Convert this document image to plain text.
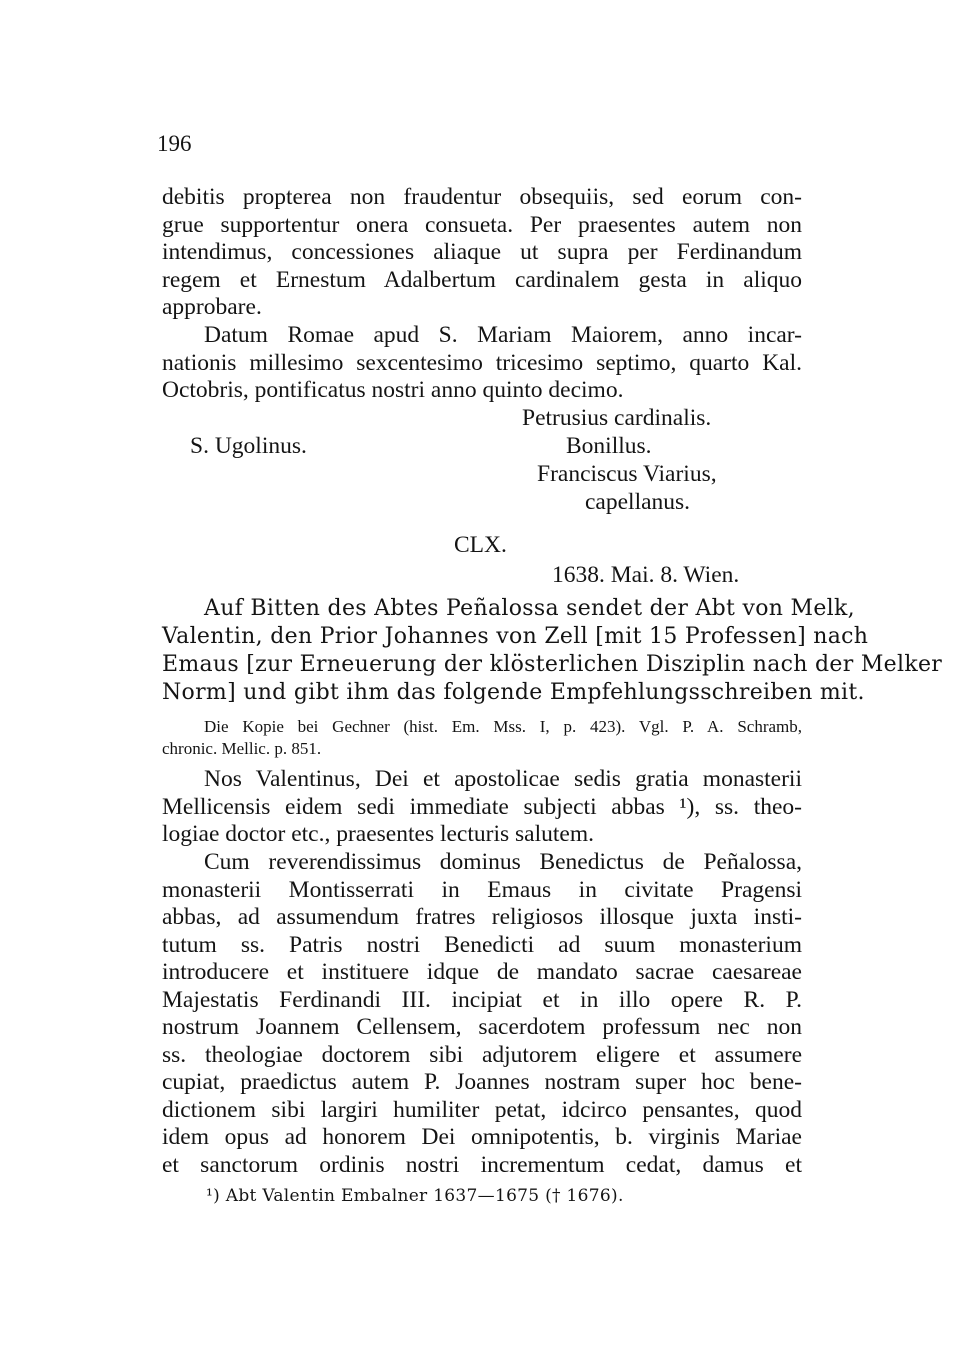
196
debitis propterea non fraudentur obsequiis, sed eorum con-
grue supportentur onera consueta. Per praesentes autem non
intendimus, concessiones aliaque ut supra per Ferdinandum
regem et Ernestum Adalbertum cardinalem gesta in aliquo
approbare.
Datum Romae apud S. Mariam Maiorem, anno incar-
nationis millesimo sexcentesimo tricesimo septimo, quarto Kal.
Octobris, pontificatus nostri anno quinto decimo.
Petrusius cardinalis.
S. Ugolinus.	Bonillus.
Franciscus Viarius,
capellanus.
CLX.
1638. Mai. 8. Wien.
Auf Bitten des Abtes Peñalossa sendet der Abt von Melk,
Valentin, den Prior Johannes von Zell [mit 15 Professen] nach
Emaus [zur Erneuerung der klösterlichen Disziplin nach der Melker
Norm] und gibt ihm das folgende Empfehlungsschreiben mit.
Die Kopie bei Gechner (hist. Em. Mss. I, p. 423). Vgl. P. A. Schramb,
chronic. Mellic. p. 851.
Nos Valentinus, Dei et apostolicae sedis gratia monasterii
Mellicensis eidem sedi immediate subjecti abbas ¹), ss. theo-
logiae doctor etc., praesentes lecturis salutem.
Cum reverendissimus dominus Benedictus de Peñalossa,
monasterii Montisserrati in Emaus in civitate Pragensi
abbas, ad assumendum fratres religiosos illosque juxta insti-
tutum ss. Patris nostri Benedicti ad suum monasterium
introducere et instituere idque de mandato sacrae caesareae
Majestatis Ferdinandi III. incipiat et in illo opere R. P.
nostrum Joannem Cellensem, sacerdotem professum nec non
ss. theologiae doctorem sibi adjutorem eligere et assumere
cupiat, praedictus autem P. Joannes nostram super hoc bene-
dictionem sibi largiri humiliter petat, idcirco pensantes, quod
idem opus ad honorem Dei omnipotentis, b. virginis Mariae
et sanctorum ordinis nostri incrementum cedat, damus et
¹) Abt Valentin Embalner 1637—1675 († 1676).
